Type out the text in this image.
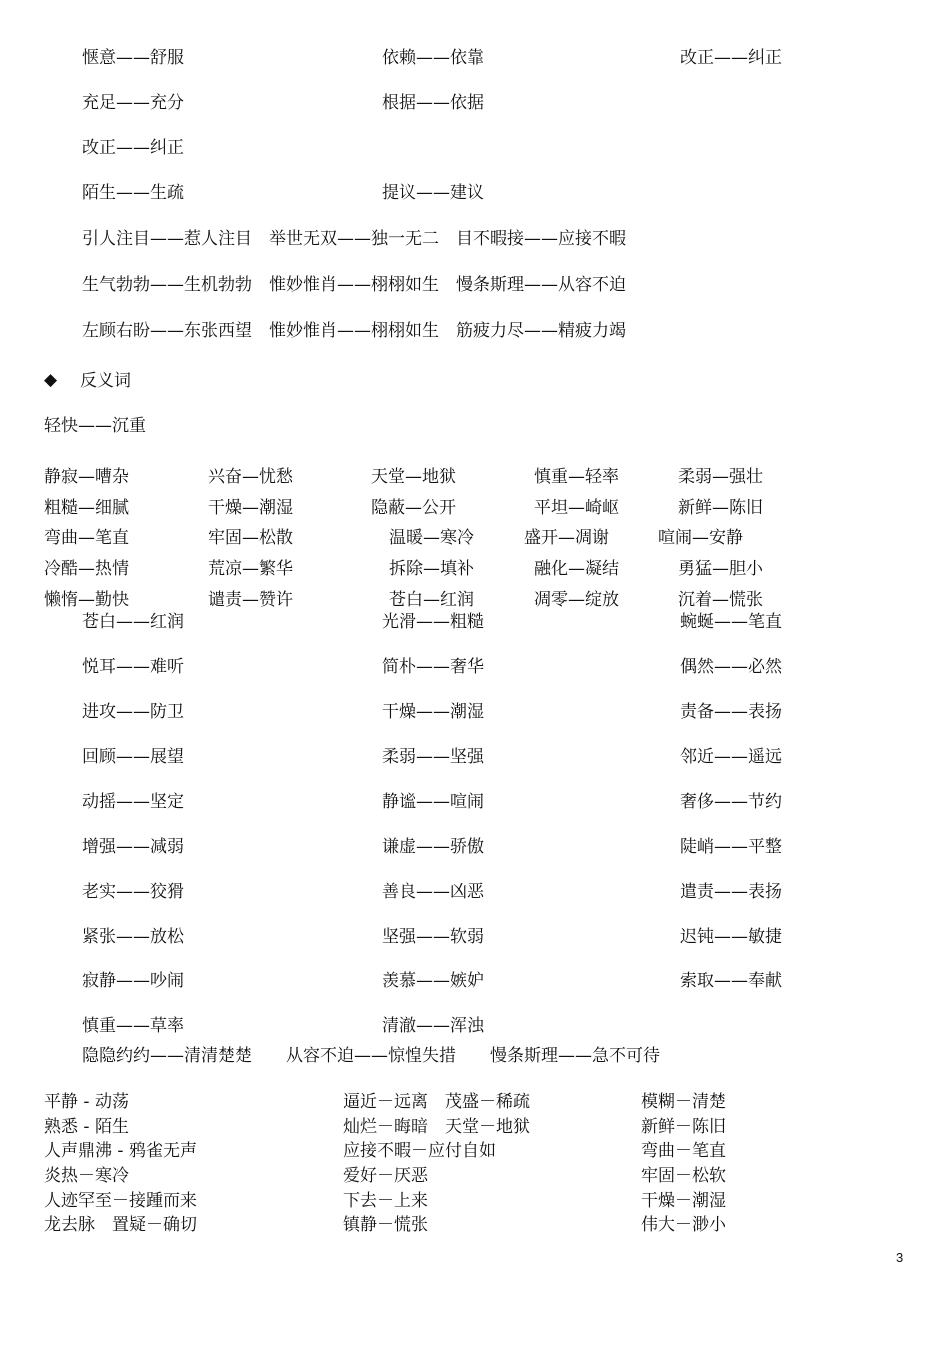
惬意——舒服	依赖——依靠	改正——纠正
充足——充分	根据——依据
改正——纠正
陌生——生疏	提议——建议
引人注目——惹人注目　举世无双——独一无二　目不暇接——应接不暇
生气勃勃——生机勃勃　惟妙惟肖——栩栩如生　慢条斯理——从容不迫
左顾右盼——东张西望　惟妙惟肖——栩栩如生　筋疲力尽——精疲力竭
◆ 反义词
轻快——沉重
静寂—嘈杂	兴奋—忧愁	天堂—地狱	慎重—轻率	柔弱—强壮
粗糙—细腻	干燥—潮湿	隐蔽—公开	平坦—崎岖	新鲜—陈旧
弯曲—笔直	牢固—松散	温暖—寒冷	盛开—凋谢	喧闹—安静
冷酷—热情	荒凉—繁华	拆除—填补	融化—凝结	勇猛—胆小
懒惰—勤快	谴责—赞许	苍白—红润	凋零—绽放	沉着—慌张
苍白——红润	光滑——粗糙	蜿蜒——笔直
悦耳——难听	简朴——奢华	偶然——必然
进攻——防卫	干燥——潮湿	责备——表扬
回顾——展望	柔弱——坚强	邻近——遥远
动摇——坚定	静谧——喧闹	奢侈——节约
增强——减弱	谦虚——骄傲	陡峭——平整
老实——狡猾	善良——凶恶	遣责——表扬
紧张——放松	坚强——软弱	迟钝——敏捷
寂静——吵闹	羡慕——嫉妒	索取——奉献
慎重——草率	清澈——浑浊
隐隐约约——清清楚楚　　从容不迫——惊惶失措　　慢条斯理——急不可待
平静 - 动荡	逼近－远离　茂盛－稀疏	模糊－清楚
熟悉 - 陌生	灿烂－晦暗　天堂－地狱	新鲜－陈旧
人声鼎沸 - 鸦雀无声	应接不暇－应付自如	弯曲－笔直
炎热－寒冷	爱好－厌恶	牢固－松软
人迹罕至－接踵而来	下去－上来	干燥－潮湿
龙去脉　置疑－确切	镇静－慌张	伟大－渺小
3
